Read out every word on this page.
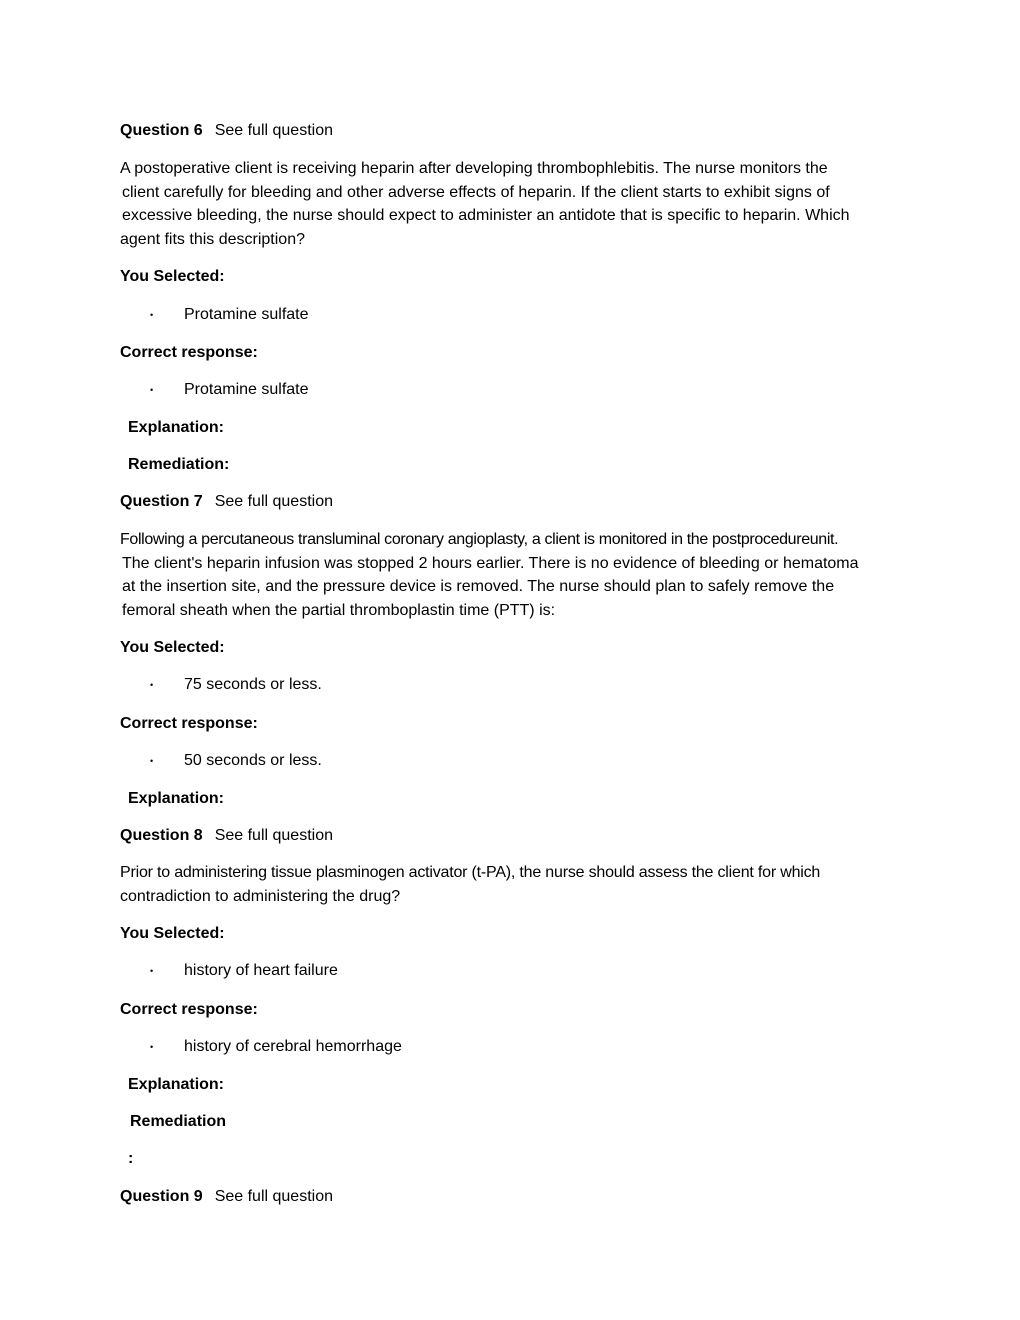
Question 6 See full question
A postoperative client is receiving heparin after developing thrombophlebitis. The nurse monitors the
client carefully for bleeding and other adverse effects of heparin. If the client starts to exhibit signs of
excessive bleeding, the nurse should expect to administer an antidote that is specific to heparin. Which
agent fits this description?
You Selected:
• Protamine sulfate
Correct response:
• Protamine sulfate
Explanation:
Remediation:
Question 7 See full question
Following a percutaneous transluminal coronary angioplasty, a client is monitored in the postprocedureunit.
The client's heparin infusion was stopped 2 hours earlier. There is no evidence of bleeding or hematoma
at the insertion site, and the pressure device is removed. The nurse should plan to safely remove the
femoral sheath when the partial thromboplastin time (PTT) is:
You Selected:
• 75 seconds or less.
Correct response:
• 50 seconds or less.
Explanation:
Question 8 See full question
Prior to administering tissue plasminogen activator (t-PA), the nurse should assess the client for which
contradiction to administering the drug?
You Selected:
• history of heart failure
Correct response:
• history of cerebral hemorrhage
Explanation:
Remediation
:
Question 9 See full question
